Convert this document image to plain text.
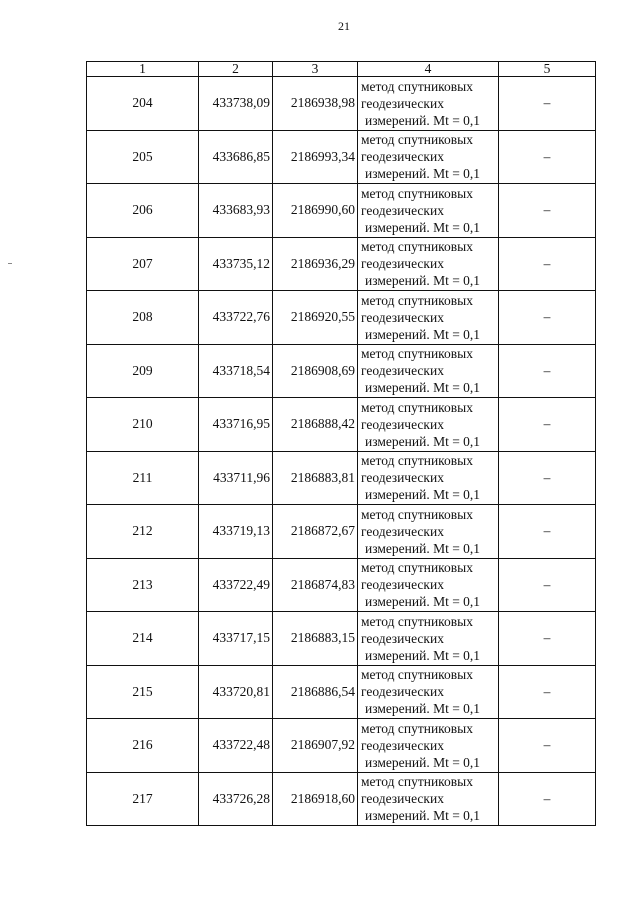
21
1	2	3	4	5
204	433738,09	2186938,98	метод спутниковых
геодезических
измерений. Mt = 0,1	–
205	433686,85	2186993,34	метод спутниковых
геодезических
измерений. Mt = 0,1	–
206	433683,93	2186990,60	метод спутниковых
геодезических
измерений. Mt = 0,1	–
207	433735,12	2186936,29	метод спутниковых
геодезических
измерений. Mt = 0,1	–
208	433722,76	2186920,55	метод спутниковых
геодезических
измерений. Mt = 0,1	–
209	433718,54	2186908,69	метод спутниковых
геодезических
измерений. Mt = 0,1	–
210	433716,95	2186888,42	метод спутниковых
геодезических
измерений. Mt = 0,1	–
211	433711,96	2186883,81	метод спутниковых
геодезических
измерений. Mt = 0,1	–
212	433719,13	2186872,67	метод спутниковых
геодезических
измерений. Mt = 0,1	–
213	433722,49	2186874,83	метод спутниковых
геодезических
измерений. Mt = 0,1	–
214	433717,15	2186883,15	метод спутниковых
геодезических
измерений. Mt = 0,1	–
215	433720,81	2186886,54	метод спутниковых
геодезических
измерений. Mt = 0,1	–
216	433722,48	2186907,92	метод спутниковых
геодезических
измерений. Mt = 0,1	–
217	433726,28	2186918,60	метод спутниковых
геодезических
измерений. Mt = 0,1	–
